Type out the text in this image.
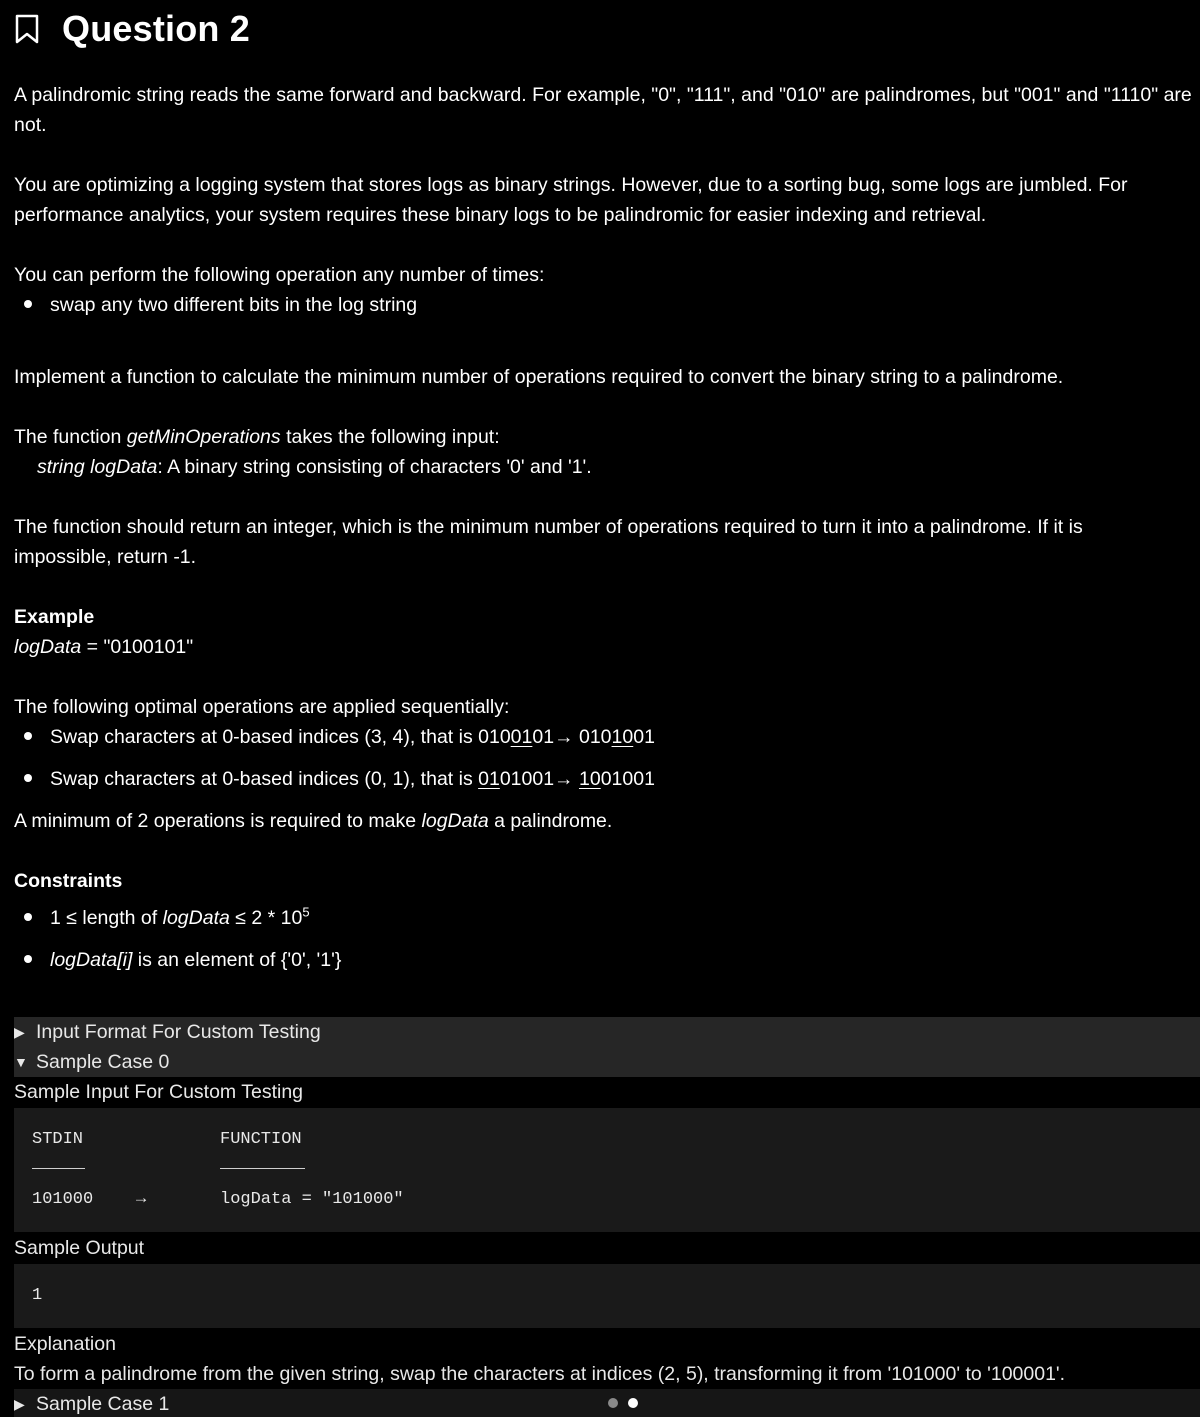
Question 2
A palindromic string reads the same forward and backward. For example, "0", "111", and "010" are palindromes, but "001" and "1110" are
not.
You are optimizing a logging system that stores logs as binary strings. However, due to a sorting bug, some logs are jumbled. For
performance analytics, your system requires these binary logs to be palindromic for easier indexing and retrieval.
You can perform the following operation any number of times:
swap any two different bits in the log string
Implement a function to calculate the minimum number of operations required to convert the binary string to a palindrome.
The function getMinOperations takes the following input:
string logData: A binary string consisting of characters '0' and '1'.
The function should return an integer, which is the minimum number of operations required to turn it into a palindrome. If it is
impossible, return -1.
Example
logData = "0100101"
The following optimal operations are applied sequentially:
Swap characters at 0-based indices (3, 4), that is 0100101→ 0101001
Swap characters at 0-based indices (0, 1), that is 0101001→ 1001001
A minimum of 2 operations is required to make logData a palindrome.
Constraints
1 ≤ length of logData ≤ $2 * 10^5$
logData[i] is an element of {'0', '1'}
▶ Input Format For Custom Testing
▼ Sample Case 0
Sample Input For Custom Testing
STDIN	FUNCTION
101000	→	logData = ″101000″
Sample Output
1
Explanation
To form a palindrome from the given string, swap the characters at indices (2, 5), transforming it from '101000' to '100001'.
▶ Sample Case 1
